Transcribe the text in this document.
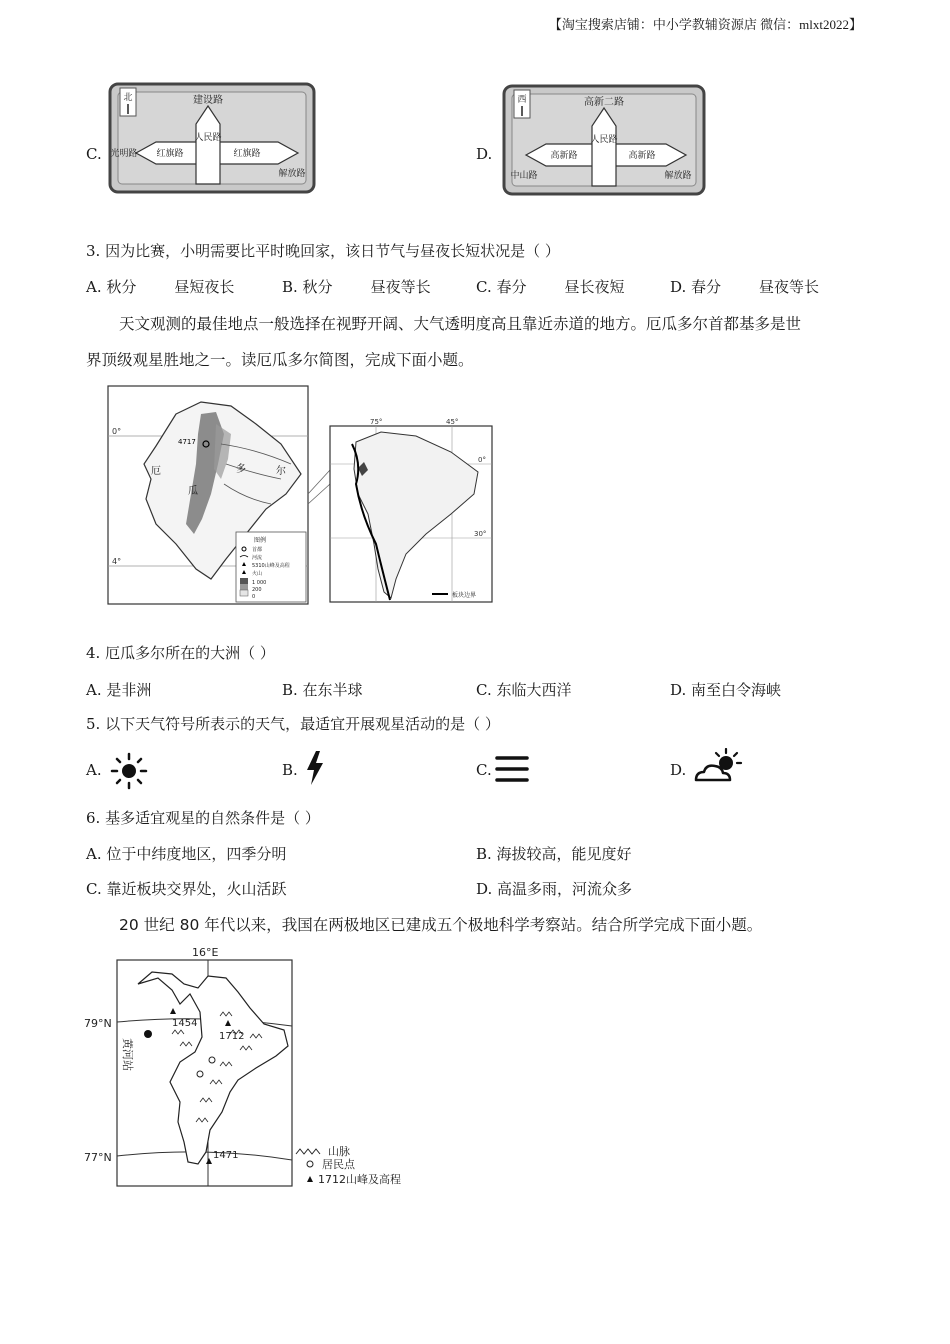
【淘宝搜索店铺：中小学教辅资源店 微信：mlxt2022】
C.
北	建设路
人民路
红旗路	红旗路
光明路
解放路
D.
西	高新二路
人民路
高新路	高新路
中山路	解放路
3. 因为比赛，小明需要比平时晚回家，该日节气与昼夜长短状况是（ ）
A. 秋分	昼短夜长	B. 秋分	昼夜等长	C. 春分	昼长夜短	D. 春分	昼夜等长
天文观测的最佳地点一般选择在视野开阔、大气透明度高且靠近赤道的地方。厄瓜多尔首都基多是世
界顶级观星胜地之一。读厄瓜多尔简图，完成下面小题。
0°
4°
4717
厄
瓜
多	尔
图例
首都
河流
5310山峰及高程
火山
1 000
200
0
75°	45°
0°
30°
板块边界
4. 厄瓜多尔所在的大洲（ ）
A. 是非洲	B. 在东半球	C. 东临大西洋	D. 南至白令海峡
5. 以下天气符号所表示的天气，最适宜开展观星活动的是（ ）
A.	B.	C.	D.
6. 基多适宜观星的自然条件是（ ）
A. 位于中纬度地区，四季分明	B. 海拔较高，能见度好
C. 靠近板块交界处，火山活跃	D. 高温多雨，河流众多
20 世纪 80 年代以来，我国在两极地区已建成五个极地科学考察站。结合所学完成下面小题。
16°E
79°N
77°N
1454
1712
1471
黄河站
山脉
居民点
1712山峰及高程
